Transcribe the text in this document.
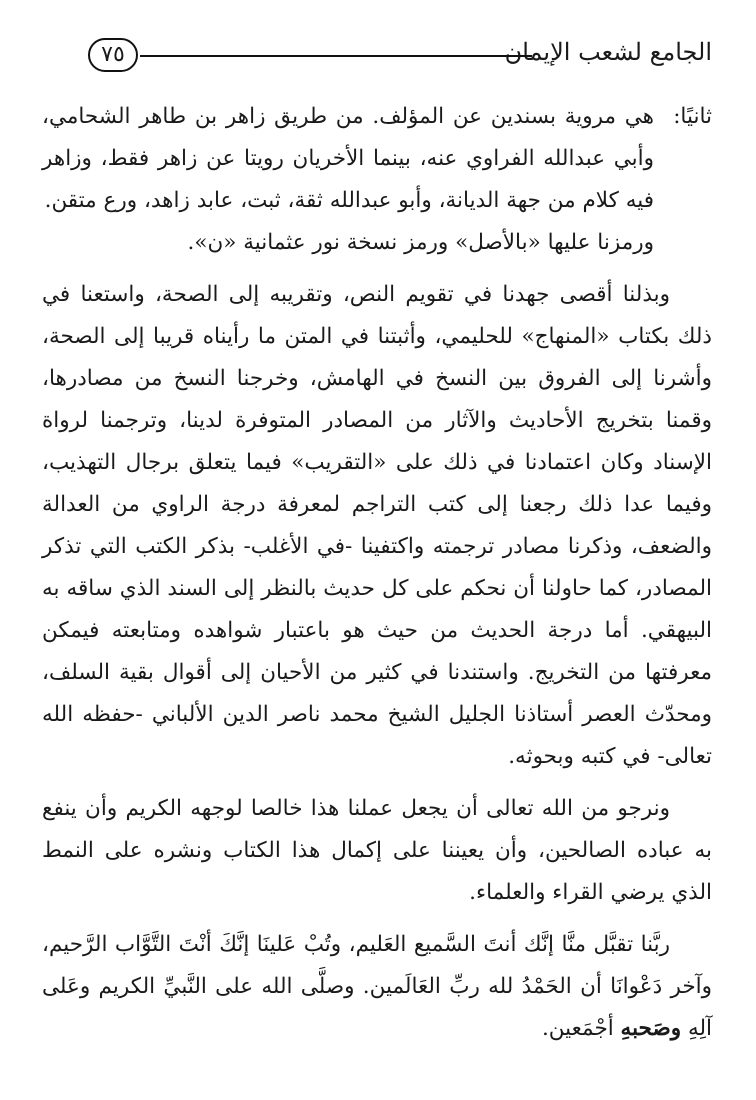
الجامع لشعب الإيمان
٧٥

ثانيًا:
هي مروية بسندين عن المؤلف. من طريق زاهر بن طاهر الشحامي، وأبي عبدالله الفراوي عنه، بينما الأخريان رويتا عن زاهر فقط، وزاهر فيه كلام من جهة الديانة، وأبو عبدالله ثقة، ثبت، عابد زاهد، ورع متقن.

ورمزنا عليها «بالأصل» ورمز نسخة نور عثمانية «ن».

وبذلنا أقصى جهدنا في تقويم النص، وتقريبه إلى الصحة، واستعنا في ذلك بكتاب «المنهاج» للحليمي، وأثبتنا في المتن ما رأيناه قريبا إلى الصحة، وأشرنا إلى الفروق بين النسخ في الهامش، وخرجنا النسخ من مصادرها، وقمنا بتخريج الأحاديث والآثار من المصادر المتوفرة لدينا، وترجمنا لرواة الإسناد وكان اعتمادنا في ذلك على «التقريب» فيما يتعلق برجال التهذيب، وفيما عدا ذلك رجعنا إلى كتب التراجم لمعرفة درجة الراوي من العدالة والضعف، وذكرنا مصادر ترجمته واكتفينا -في الأغلب- بذكر الكتب التي تذكر المصادر، كما حاولنا أن نحكم على كل حديث بالنظر إلى السند الذي ساقه به البيهقي. أما درجة الحديث من حيث هو باعتبار شواهده ومتابعته فيمكن معرفتها من التخريج. واستندنا في كثير من الأحيان إلى أقوال بقية السلف، ومحدّث العصر أستاذنا الجليل الشيخ محمد ناصر الدين الألباني -حفظه الله تعالى- في كتبه وبحوثه.

ونرجو من الله تعالى أن يجعل عملنا هذا خالصا لوجهه الكريم وأن ينفع به عباده الصالحين، وأن يعيننا على إكمال هذا الكتاب ونشره على النمط الذي يرضي القراء والعلماء.

ربَّنا تقبَّل منَّا إنَّك أنتَ السَّميع العَليم، وتُبْ عَلينَا إنَّكَ أنْتَ التَّوَّاب الرَّحيم، وآخر دَعْوانَا أن الحَمْدُ لله ربِّ العَالَمين. وصلَّى الله على النَّبيِّ الكريم وعَلى آلِهِ وصَحبهِ أجْمَعين.
